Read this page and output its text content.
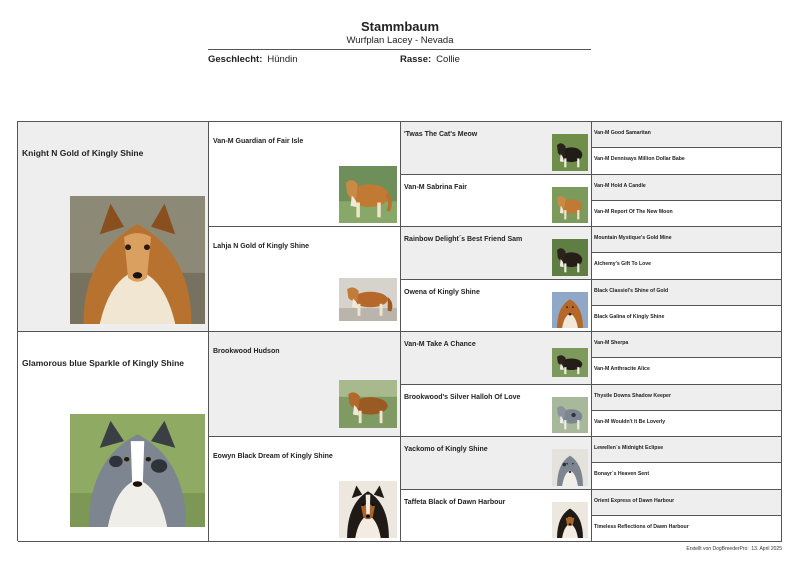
Stammbaum
Wurfplan Lacey - Nevada
Geschlecht: Hündin	Rasse: Collie
Knight N Gold of Kingly Shine
Glamorous blue Sparkle of Kingly Shine
Van-M Guardian of Fair Isle
Lahja N Gold of Kingly Shine
Brookwood Hudson
Eowyn Black Dream of Kingly Shine
'Twas The Cat's Meow
Van-M Sabrina Fair
Rainbow Delight´s Best Friend Sam
Owena of Kingly Shine
Van-M Take A Chance
Brookwood's Silver Halloh Of Love
Yackomo of Kingly Shine
Taffeta Black of Dawn Harbour
Van-M Good Samaritan
Van-M Dennisays Million Dollar Babe
Van-M Hold A Candle
Van-M Report Of The New Moon
Mountain Mystique's Gold Mine
Alchemy's Gift To Love
Black Classiel's Shine of Gold
Black Galina of Kingly Shine
Van-M Sherpa
Van-M Anthracite Alice
Thystle Downs Shadow Keeper
Van-M Wouldn't It Be Loverly
Lewellen´s Midnight Eclipse
Bonayr´s Heaven Sent
Orient Express of Dawn Harbour
Timeless Reflections of Dawn Harbour
Erstellt von DogBreederPro: 13. April 2025
